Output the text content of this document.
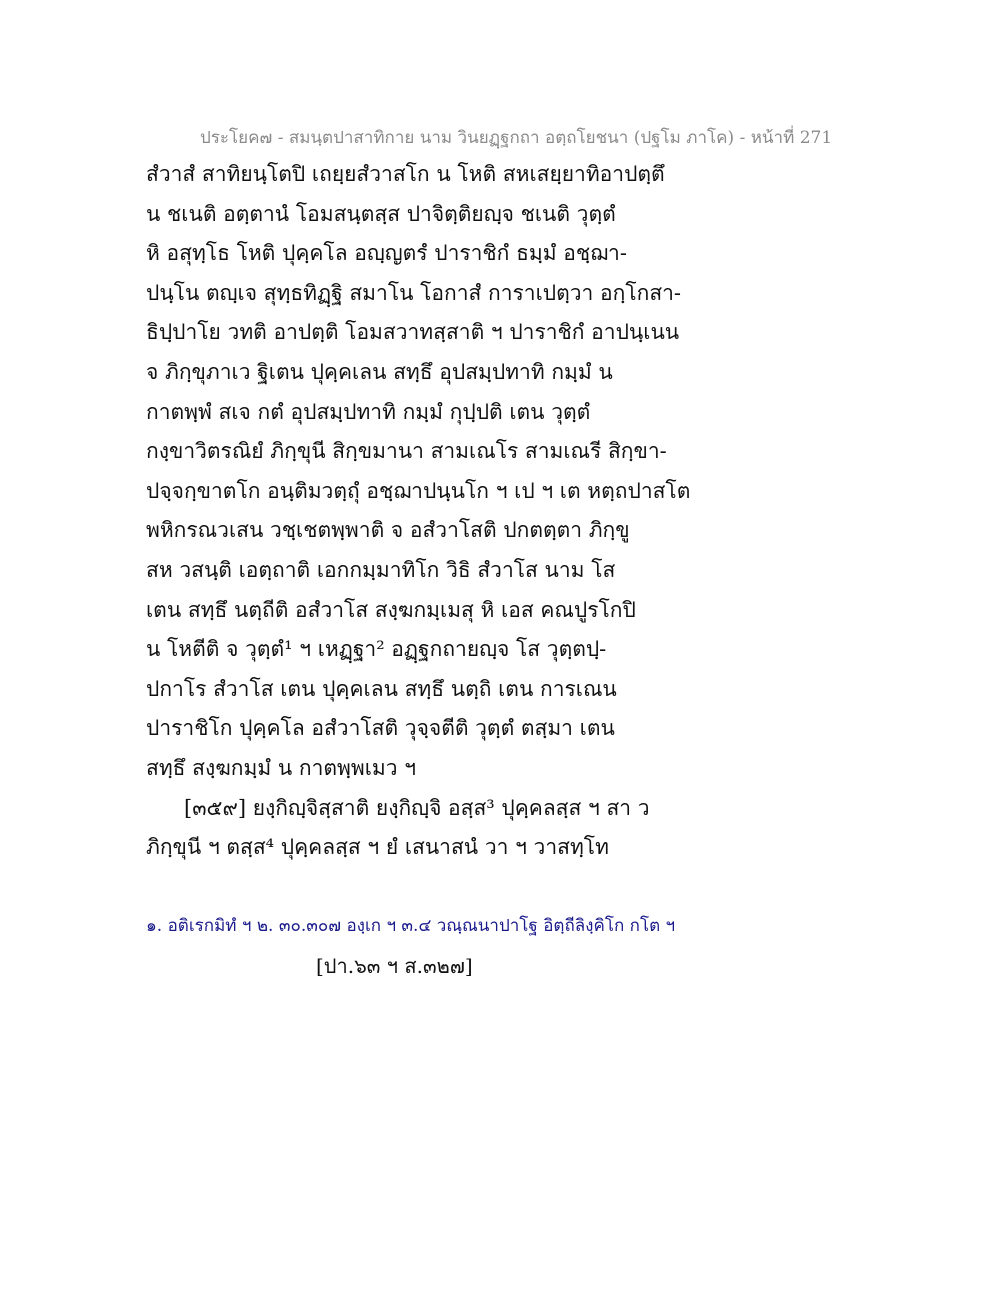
ประโยค๗ - สมนฺตปาสาทิกาย นาม วินยฏฺฐกถา อตฺถโยชนา (ปฐโม ภาโค) - หน้าที่ 271
สํวาสํ สาทิยนฺโตปิ เถยฺยสํวาสโก น โหติ สหเสยฺยาทิอาปตฺตึ
น ชเนติ อตฺตานํ โอมสนฺตสฺส ปาจิตฺติยญฺจ ชเนติ วุตฺตํ
หิ อสุทฺโธ โหติ ปุคฺคโล อญฺญตรํ ปาราชิกํ ธมฺมํ อชฺฌา-
ปนฺโน ตญฺเจ สุทฺธทิฏฺฐิ สมาโน โอกาสํ การาเปตฺวา อกฺโกสา-
ธิปฺปาโย วทติ อาปตฺติ โอมสวาทสฺสาติ ฯ ปาราชิกํ อาปนฺเนน
จ ภิกฺขุภาเว ฐิเตน ปุคฺคเลน สทฺธึ อุปสมฺปทาทิ กมฺมํ น
กาตพฺพํ สเจ กตํ อุปสมฺปทาทิ กมฺมํ กุปฺปติ เตน วุตฺตํ
กงฺขาวิตรณิยํ ภิกฺขุนี สิกฺขมานา สามเณโร สามเณรี สิกฺขา-
ปจฺจกฺขาตโก อนฺติมวตฺถุํ อชฺฌาปนฺนโก ฯ เป ฯ เต หตฺถปาสโต
พหิกรณวเสน วชฺเชตพฺพาติ จ อสํวาโสติ ปกตตฺตา ภิกฺขู
สห วสนฺติ เอตฺถาติ เอกกมฺมาทิโก วิธิ สํวาโส นาม โส
เตน สทฺธึ นตฺถีติ อสํวาโส สงฺฆกมฺเมสุ หิ เอส คณปูรโกปิ
น โหตีติ จ วุตฺตํ¹ ฯ เหฏฺฐา² อฏฺฐกถายญฺจ โส วุตฺตปฺ-
ปกาโร สํวาโส เตน ปุคฺคเลน สทฺธึ นตฺถิ เตน การเณน
ปาราชิโก ปุคฺคโล อสํวาโสติ วุจฺจตีติ วุตฺตํ ตสฺมา เตน
สทฺธึ สงฺฆกมฺมํ น กาตพฺพเมว ฯ
[๓๕๙] ยงฺกิญฺจิสฺสาติ ยงฺกิญฺจิ อสฺส³ ปุคฺคลสฺส ฯ สา ว
ภิกฺขุนี ฯ ตสฺส⁴ ปุคฺคลสฺส ฯ ยํ เสนาสนํ วา ฯ วาสทฺโท
๑. อติเรกมิทํ ฯ ๒. ๓๐.๓๐๗ องฺเก ฯ ๓.๔ วณฺณนาปาโฐ อิตฺถีลิงฺคิโก กโต ฯ
[ปา.๖๓ ฯ ส.๓๒๗]
